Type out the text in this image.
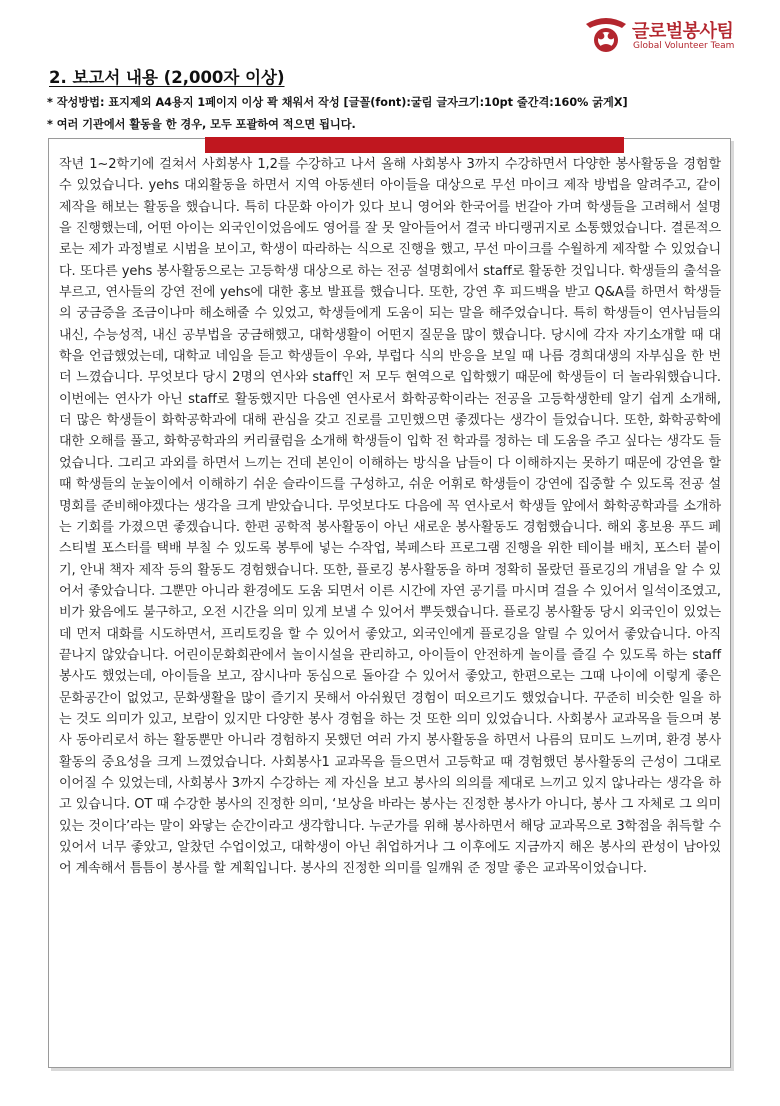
글로벌봉사팀
Global Volunteer Team
2. 보고서 내용 (2,000자 이상)
* 작성방법: 표지제외 A4용지 1페이지 이상 꽉 채워서 작성 [글꼴(font):굴림 글자크기:10pt 줄간격:160% 굵게X]
* 여러 기관에서 활동을 한 경우, 모두 포괄하여 적으면 됩니다.
작년 1~2학기에 걸쳐서 사회봉사 1,2를 수강하고 나서 올해 사회봉사 3까지 수강하면서 다양한 봉사활동을 경험할 수 있었습니다. yehs 대외활동을 하면서 지역 아동센터 아이들을 대상으로 무선 마이크 제작 방법을 알려주고, 같이 제작을 해보는 활동을 했습니다. 특히 다문화 아이가 있다 보니 영어와 한국어를 번갈아 가며 학생들을 고려해서 설명을 진행했는데, 어떤 아이는 외국인이었음에도 영어를 잘 못 알아들어서 결국 바디랭귀지로 소통했었습니다. 결론적으로는 제가 과정별로 시범을 보이고, 학생이 따라하는 식으로 진행을 했고, 무선 마이크를 수월하게 제작할 수 있었습니다. 또다른 yehs 봉사활동으로는 고등학생 대상으로 하는 전공 설명회에서 staff로 활동한 것입니다. 학생들의 출석을 부르고, 연사들의 강연 전에 yehs에 대한 홍보 발표를 했습니다. 또한, 강연 후 피드백을 받고 Q&A를 하면서 학생들의 궁금증을 조금이나마 해소해줄 수 있었고, 학생들에게 도움이 되는 말을 해주었습니다. 특히 학생들이 연사님들의 내신, 수능성적, 내신 공부법을 궁금해했고, 대학생활이 어떤지 질문을 많이 했습니다. 당시에 각자 자기소개할 때 대학을 언급했었는데, 대학교 네임을 듣고 학생들이 우와, 부럽다 식의 반응을 보일 때 나름 경희대생의 자부심을 한 번 더 느꼈습니다. 무엇보다 당시 2명의 연사와 staff인 저 모두 현역으로 입학했기 때문에 학생들이 더 놀라워했습니다. 이번에는 연사가 아닌 staff로 활동했지만 다음엔 연사로서 화학공학이라는 전공을 고등학생한테 알기 쉽게 소개해, 더 많은 학생들이 화학공학과에 대해 관심을 갖고 진로를 고민했으면 좋겠다는 생각이 들었습니다. 또한, 화학공학에 대한 오해를 풀고, 화학공학과의 커리큘럼을 소개해 학생들이 입학 전 학과를 정하는 데 도움을 주고 싶다는 생각도 들었습니다. 그리고 과외를 하면서 느끼는 건데 본인이 이해하는 방식을 남들이 다 이해하지는 못하기 때문에 강연을 할 때 학생들의 눈높이에서 이해하기 쉬운 슬라이드를 구성하고, 쉬운 어휘로 학생들이 강연에 집중할 수 있도록 전공 설명회를 준비해야겠다는 생각을 크게 받았습니다. 무엇보다도 다음에 꼭 연사로서 학생들 앞에서 화학공학과를 소개하는 기회를 가졌으면 좋겠습니다. 한편 공학적 봉사활동이 아닌 새로운 봉사활동도 경험했습니다. 해외 홍보용 푸드 페스티벌 포스터를 택배 부칠 수 있도록 봉투에 넣는 수작업, 북페스타 프로그램 진행을 위한 테이블 배치, 포스터 붙이기, 안내 책자 제작 등의 활동도 경험했습니다. 또한, 플로깅 봉사활동을 하며 정확히 몰랐던 플로깅의 개념을 알 수 있어서 좋았습니다. 그뿐만 아니라 환경에도 도움 되면서 이른 시간에 자연 공기를 마시며 걸을 수 있어서 일석이조였고, 비가 왔음에도 불구하고, 오전 시간을 의미 있게 보낼 수 있어서 뿌듯했습니다. 플로깅 봉사활동 당시 외국인이 있었는데 먼저 대화를 시도하면서, 프리토킹을 할 수 있어서 좋았고, 외국인에게 플로깅을 알릴 수 있어서 좋았습니다. 아직 끝나지 않았습니다. 어린이문화회관에서 놀이시설을 관리하고, 아이들이 안전하게 놀이를 즐길 수 있도록 하는 staff 봉사도 했었는데, 아이들을 보고, 잠시나마 동심으로 돌아갈 수 있어서 좋았고, 한편으로는 그때 나이에 이렇게 좋은 문화공간이 없었고, 문화생활을 많이 즐기지 못해서 아쉬웠던 경험이 떠오르기도 했었습니다. 꾸준히 비슷한 일을 하는 것도 의미가 있고, 보람이 있지만 다양한 봉사 경험을 하는 것 또한 의미 있었습니다. 사회봉사 교과목을 들으며 봉사 동아리로서 하는 활동뿐만 아니라 경험하지 못했던 여러 가지 봉사활동을 하면서 나름의 묘미도 느끼며, 환경 봉사활동의 중요성을 크게 느꼈었습니다. 사회봉사1 교과목을 들으면서 고등학교 때 경험했던 봉사활동의 근성이 그대로 이어질 수 있었는데, 사회봉사 3까지 수강하는 제 자신을 보고 봉사의 의의를 제대로 느끼고 있지 않나라는 생각을 하고 있습니다. OT 때 수강한 봉사의 진정한 의미, ‘보상을 바라는 봉사는 진정한 봉사가 아니다, 봉사 그 자체로 그 의미 있는 것이다’라는 말이 와닿는 순간이라고 생각합니다. 누군가를 위해 봉사하면서 해당 교과목으로 3학점을 취득할 수 있어서 너무 좋았고, 알찼던 수업이었고, 대학생이 아닌 취업하거나 그 이후에도 지금까지 해온 봉사의 관성이 남아있어 계속해서 틈틈이 봉사를 할 계획입니다. 봉사의 진정한 의미를 일깨워 준 정말 좋은 교과목이었습니다.
